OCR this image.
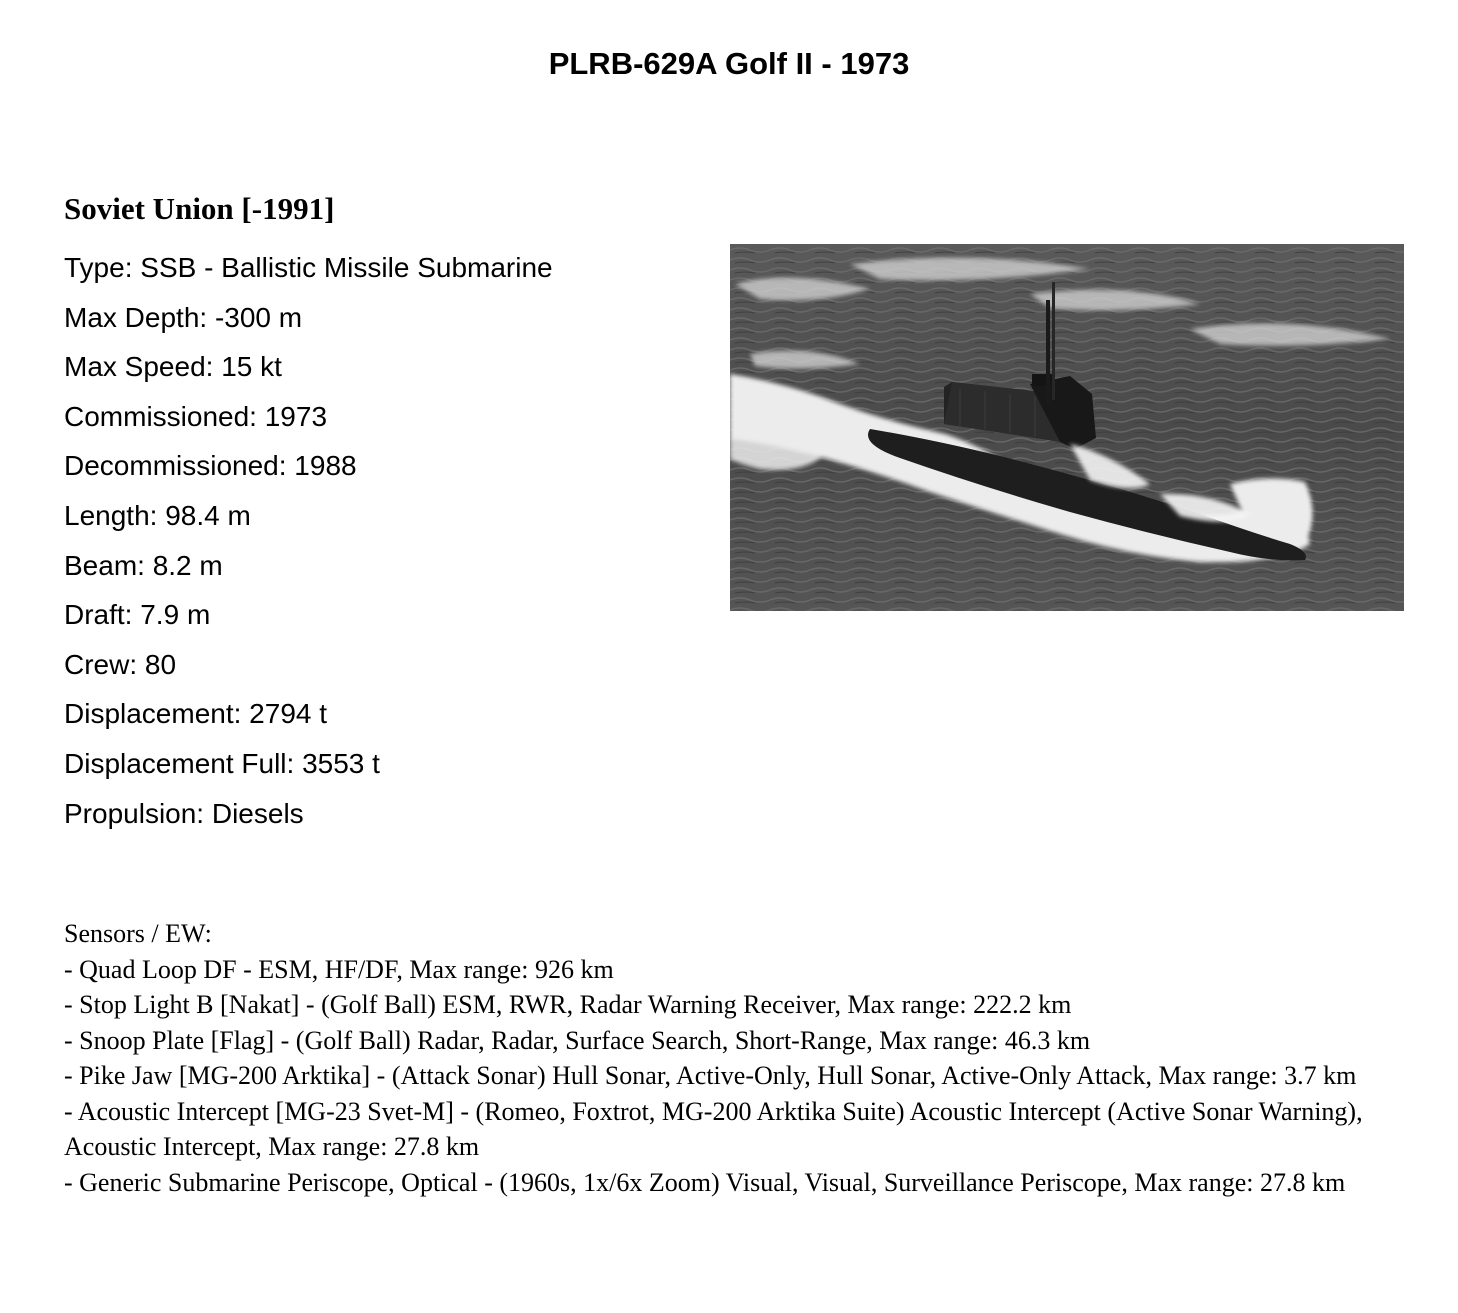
PLRB-629A Golf II - 1973
Soviet Union [-1991]
Type: SSB - Ballistic Missile Submarine
Max Depth: -300 m
Max Speed: 15 kt
Commissioned: 1973
Decommissioned: 1988
Length: 98.4 m
Beam: 8.2 m
Draft: 7.9 m
Crew: 80
Displacement: 2794 t
Displacement Full: 3553 t
Propulsion: Diesels
Sensors / EW:
- Quad Loop DF - ESM, HF/DF, Max range: 926 km
- Stop Light B [Nakat] - (Golf Ball) ESM, RWR, Radar Warning Receiver, Max range: 222.2 km
- Snoop Plate [Flag] - (Golf Ball) Radar, Radar, Surface Search, Short-Range, Max range: 46.3 km
- Pike Jaw [MG-200 Arktika] - (Attack Sonar) Hull Sonar, Active-Only, Hull Sonar, Active-Only Attack, Max range: 3.7 km
- Acoustic Intercept [MG-23 Svet-M] - (Romeo, Foxtrot, MG-200 Arktika Suite) Acoustic Intercept (Active Sonar Warning), Acoustic Intercept, Max range: 27.8 km
- Generic Submarine Periscope, Optical - (1960s, 1x/6x Zoom) Visual, Visual, Surveillance Periscope, Max range: 27.8 km
